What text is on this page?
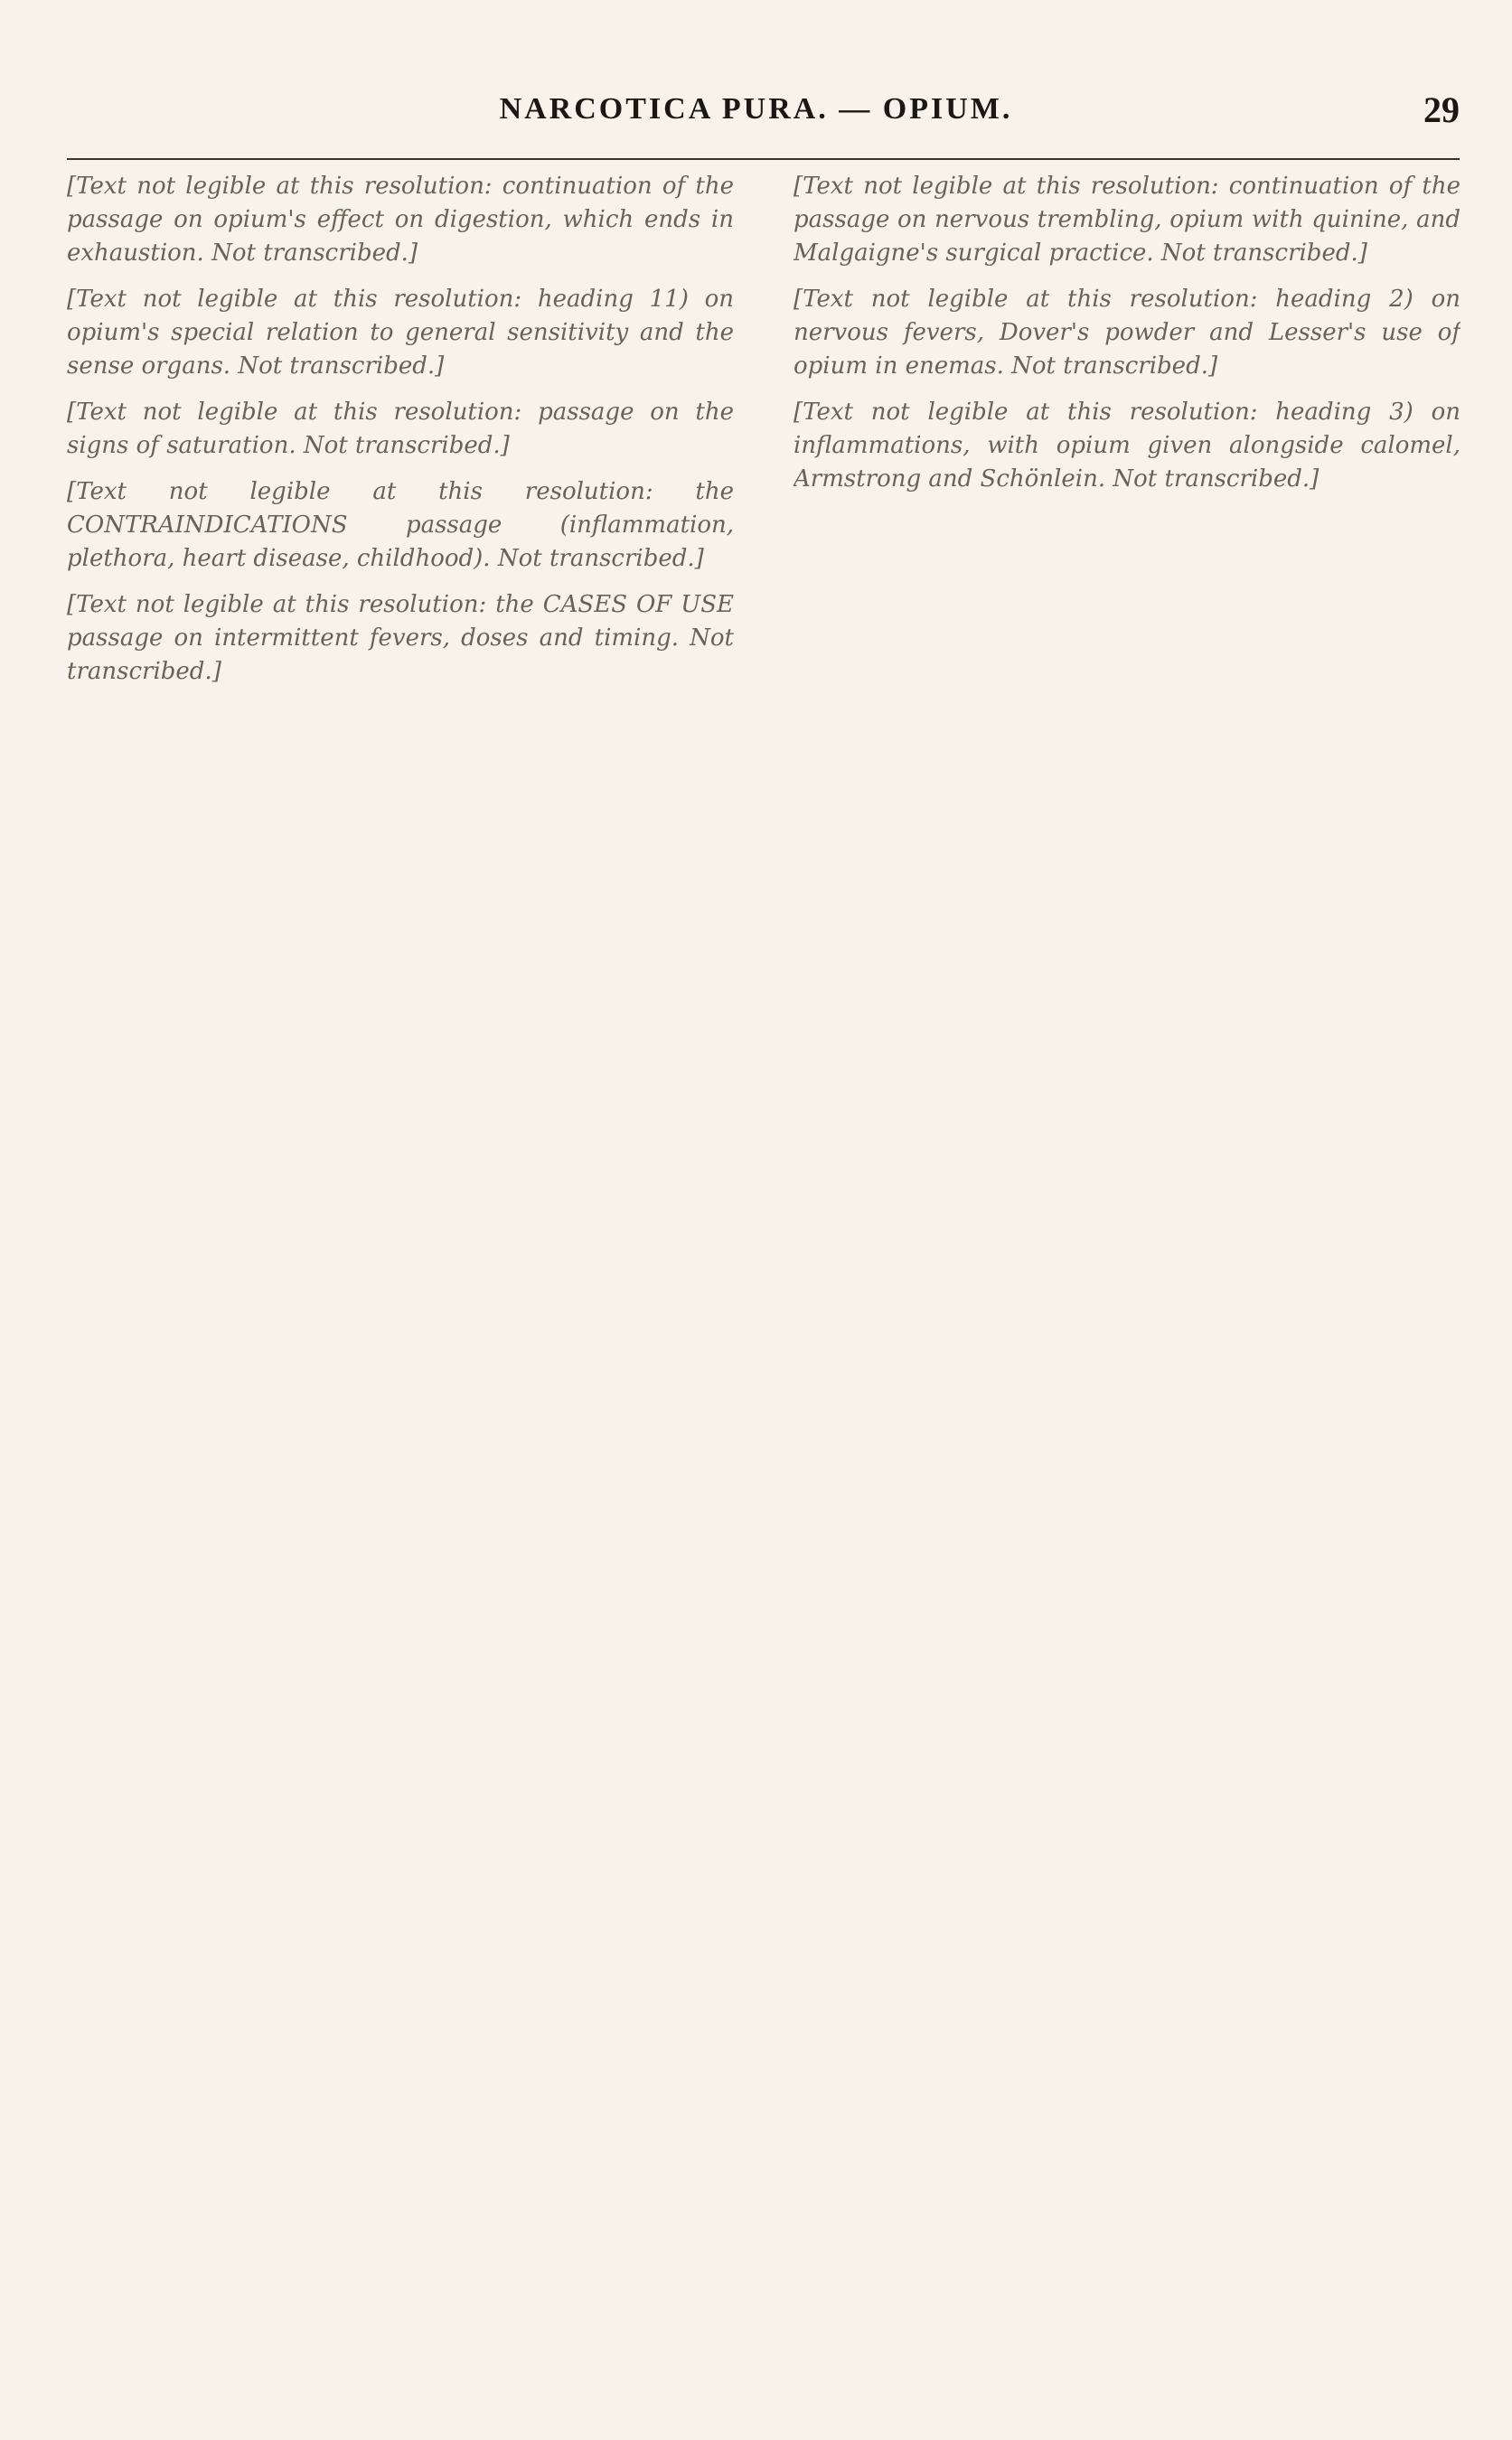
NARCOTICA PURA. — OPIUM.	29

[Text not legible at this resolution: continuation of the passage on opium's effect on digestion, which ends in exhaustion. Not transcribed.]

[Text not legible at this resolution: heading 11) on opium's special relation to general sensitivity and the sense organs. Not transcribed.]

[Text not legible at this resolution: passage on the signs of saturation. Not transcribed.]

[Text not legible at this resolution: the CONTRAINDICATIONS passage (inflammation, plethora, heart disease, childhood). Not transcribed.]

[Text not legible at this resolution: the CASES OF USE passage on intermittent fevers, doses and timing. Not transcribed.]

[Text not legible at this resolution: continuation of the passage on nervous trembling, opium with quinine, and Malgaigne's surgical practice. Not transcribed.]

[Text not legible at this resolution: heading 2) on nervous fevers, Dover's powder and Lesser's use of opium in enemas. Not transcribed.]

[Text not legible at this resolution: heading 3) on inflammations, with opium given alongside calomel, Armstrong and Schönlein. Not transcribed.]
